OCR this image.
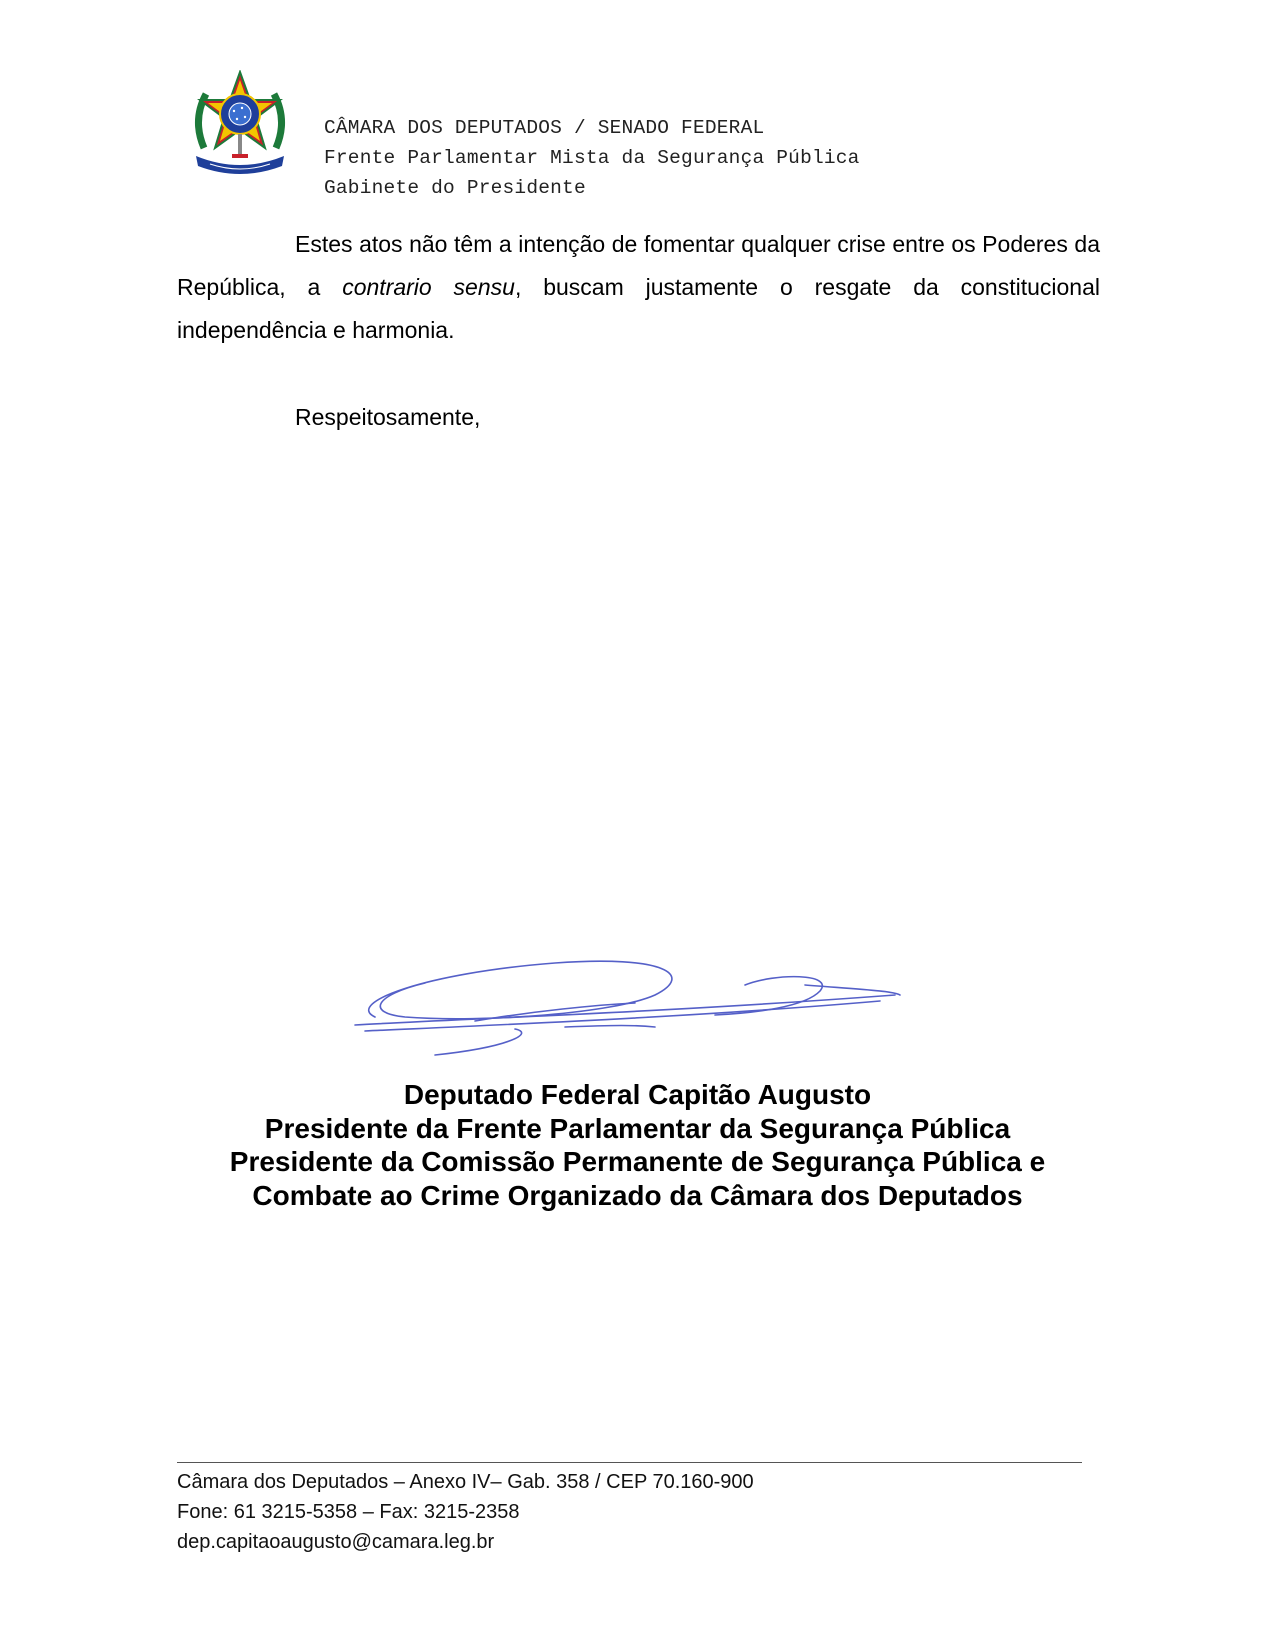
CÂMARA DOS DEPUTADOS / SENADO FEDERAL
Frente Parlamentar Mista da Segurança Pública
Gabinete do Presidente
Estes atos não têm a intenção de fomentar qualquer crise entre os Poderes da República, a contrario sensu, buscam justamente o resgate da constitucional independência e harmonia.
Respeitosamente,
Deputado Federal Capitão Augusto
Presidente da Frente Parlamentar da Segurança Pública
Presidente da Comissão Permanente de Segurança Pública e
Combate ao Crime Organizado da Câmara dos Deputados
Câmara dos Deputados – Anexo IV– Gab. 358 / CEP 70.160-900
Fone: 61 3215-5358 – Fax: 3215-2358
dep.capitaoaugusto@camara.leg.br
